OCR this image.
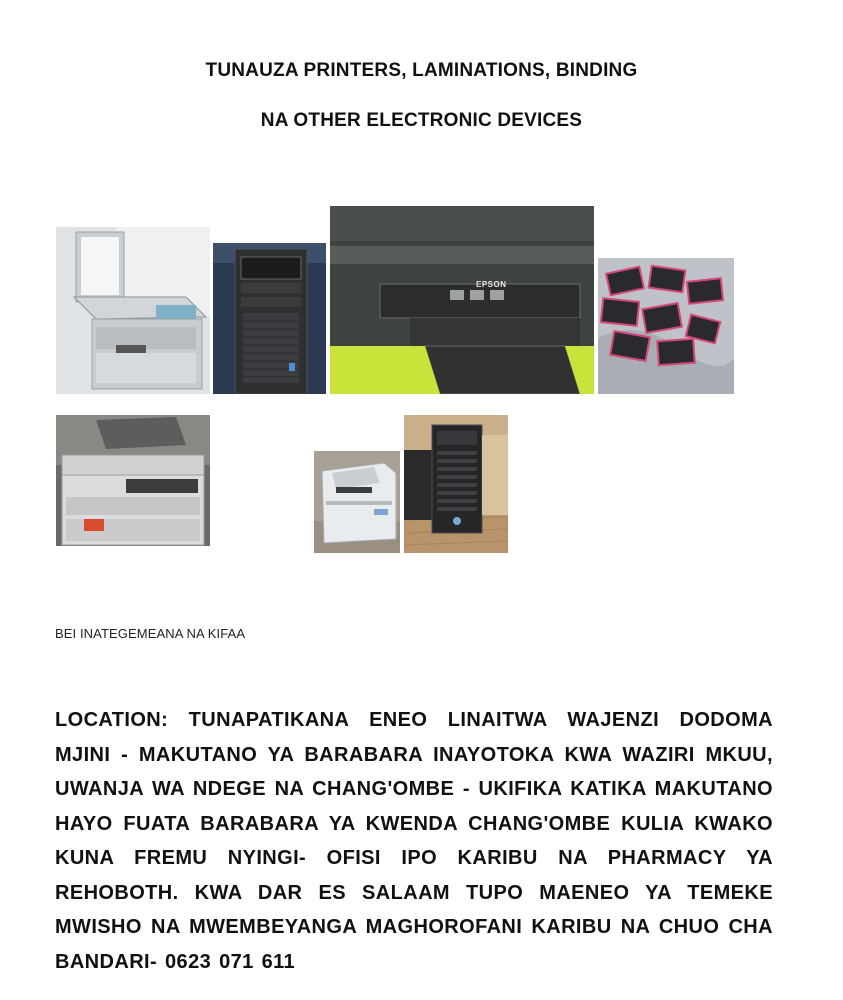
TUNAUZA PRINTERS, LAMINATIONS, BINDING
NA OTHER ELECTRONIC DEVICES
EPSON
BEI INATEGEMEANA NA KIFAA
LOCATION: TUNAPATIKANA ENEO LINAITWA WAJENZI DODOMA MJINI - MAKUTANO YA BARABARA INAYOTOKA KWA WAZIRI MKUU, UWANJA WA NDEGE NA CHANG'OMBE - UKIFIKA KATIKA MAKUTANO HAYO FUATA BARABARA YA KWENDA CHANG'OMBE KULIA KWAKO KUNA FREMU NYINGI- OFISI IPO KARIBU NA PHARMACY YA REHOBOTH. KWA DAR ES SALAAM TUPO MAENEO YA TEMEKE MWISHO NA MWEMBEYANGA MAGHOROFANI KARIBU NA CHUO CHA BANDARI- 0623 071 611
